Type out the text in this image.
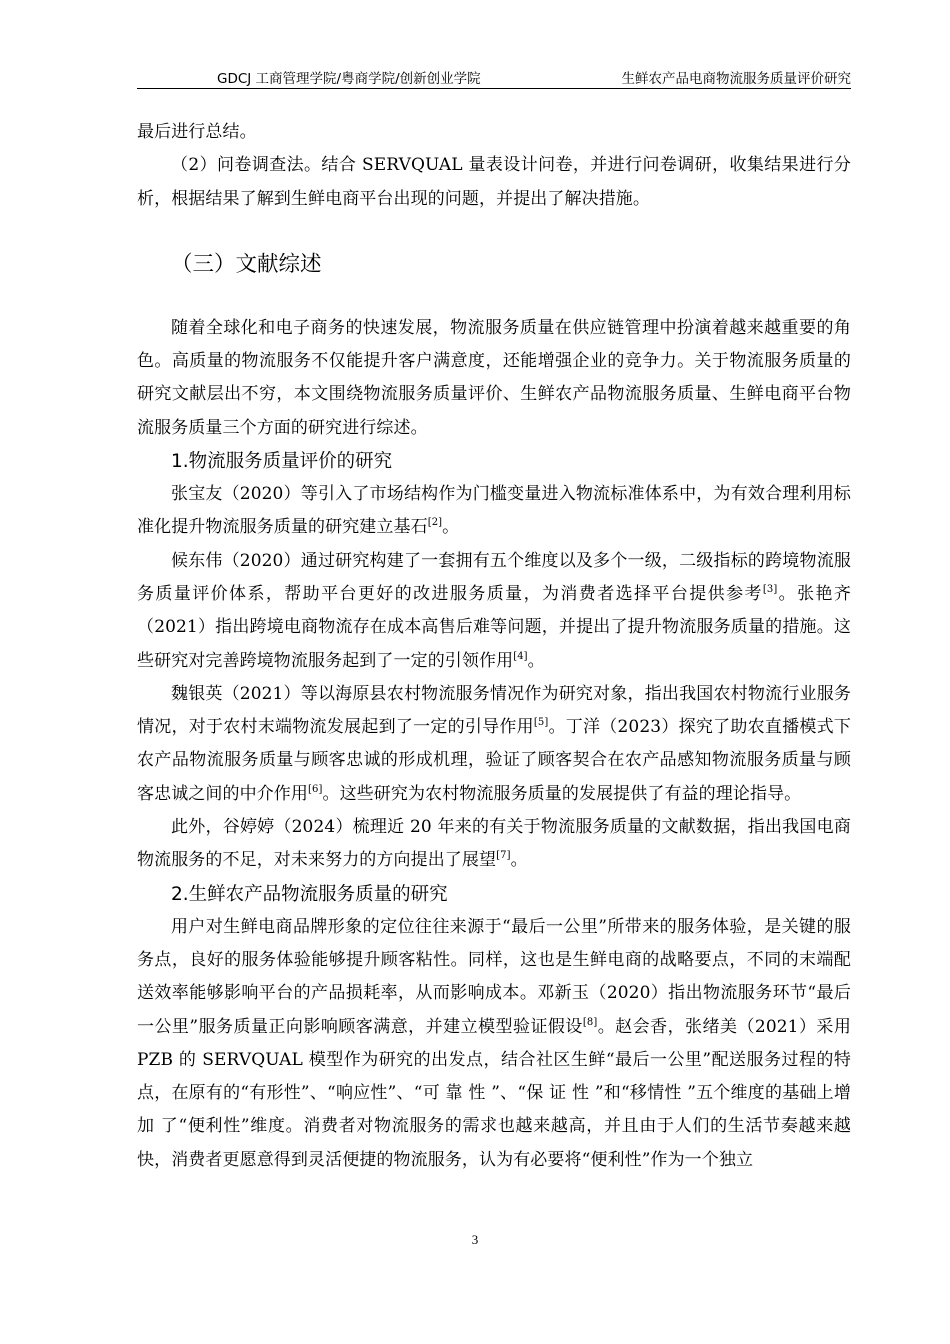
GDCJ 工商管理学院/粤商学院/创新创业学院	生鲜农产品电商物流服务质量评价研究

最后进行总结。

（2）问卷调查法。结合 SERVQUAL 量表设计问卷，并进行问卷调研，收集结果进行分析，根据结果了解到生鲜电商平台出现的问题，并提出了解决措施。

（三）文献综述

随着全球化和电子商务的快速发展，物流服务质量在供应链管理中扮演着越来越重要的角色。高质量的物流服务不仅能提升客户满意度，还能增强企业的竞争力。关于物流服务质量的研究文献层出不穷，本文围绕物流服务质量评价、生鲜农产品物流服务质量、生鲜电商平台物流服务质量三个方面的研究进行综述。

1.物流服务质量评价的研究

张宝友（2020）等引入了市场结构作为门槛变量进入物流标准体系中，为有效合理利用标准化提升物流服务质量的研究建立基石[2]。

候东伟（2020）通过研究构建了一套拥有五个维度以及多个一级，二级指标的跨境物流服务质量评价体系，帮助平台更好的改进服务质量，为消费者选择平台提供参考[3]。张艳齐（2021）指出跨境电商物流存在成本高售后难等问题，并提出了提升物流服务质量的措施。这些研究对完善跨境物流服务起到了一定的引领作用[4]。

魏银英（2021）等以海原县农村物流服务情况作为研究对象，指出我国农村物流行业服务情况，对于农村末端物流发展起到了一定的引导作用[5]。丁洋（2023）探究了助农直播模式下农产品物流服务质量与顾客忠诚的形成机理，验证了顾客契合在农产品感知物流服务质量与顾客忠诚之间的中介作用[6]。这些研究为农村物流服务质量的发展提供了有益的理论指导。

此外，谷婷婷（2024）梳理近 20 年来的有关于物流服务质量的文献数据，指出我国电商物流服务的不足，对未来努力的方向提出了展望[7]。

2.生鲜农产品物流服务质量的研究

用户对生鲜电商品牌形象的定位往往来源于“最后一公里”所带来的服务体验，是关键的服务点，良好的服务体验能够提升顾客粘性。同样，这也是生鲜电商的战略要点，不同的末端配送效率能够影响平台的产品损耗率，从而影响成本。邓新玉（2020）指出物流服务环节“最后一公里”服务质量正向影响顾客满意，并建立模型验证假设[8]。赵会香，张绪美（2021）采用 PZB 的 SERVQUAL 模型作为研究的出发点，结合社区生鲜“最后一公里”配送服务过程的特点，在原有的“有形性”、“响应性”、“可 靠 性 ”、“保 证 性 ”和“移情性 ”五个维度的基础上增加 了“便利性”维度。消费者对物流服务的需求也越来越高，并且由于人们的生活节奏越来越快，消费者更愿意得到灵活便捷的物流服务，认为有必要将“便利性”作为一个独立

3
